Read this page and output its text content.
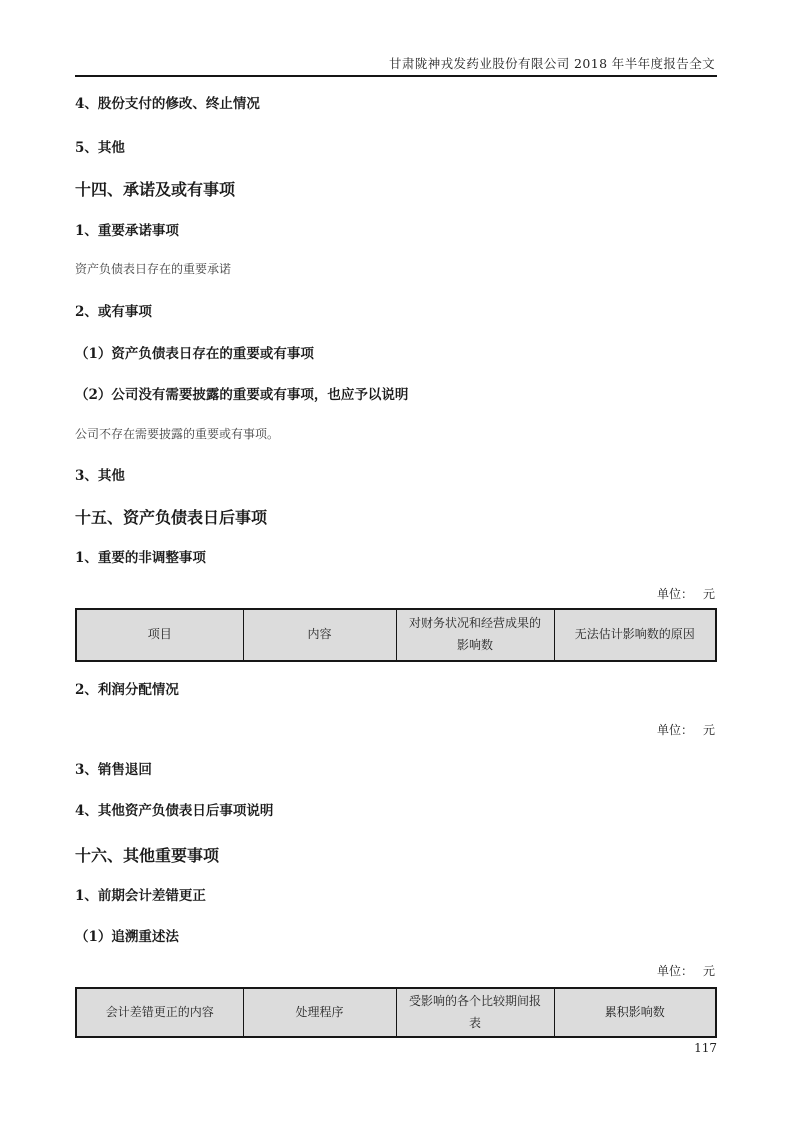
甘肃陇神戎发药业股份有限公司 2018 年半年度报告全文
4、股份支付的修改、终止情况
5、其他
十四、承诺及或有事项
1、重要承诺事项
资产负债表日存在的重要承诺
2、或有事项
（1）资产负债表日存在的重要或有事项
（2）公司没有需要披露的重要或有事项，也应予以说明
公司不存在需要披露的重要或有事项。
3、其他
十五、资产负债表日后事项
1、重要的非调整事项
单位： 元
项目	内容	对财务状况和经营成果的影响数	无法估计影响数的原因
2、利润分配情况
单位： 元
3、销售退回
4、其他资产负债表日后事项说明
十六、其他重要事项
1、前期会计差错更正
（1）追溯重述法
单位： 元
会计差错更正的内容	处理程序	受影响的各个比较期间报表	累积影响数
117
